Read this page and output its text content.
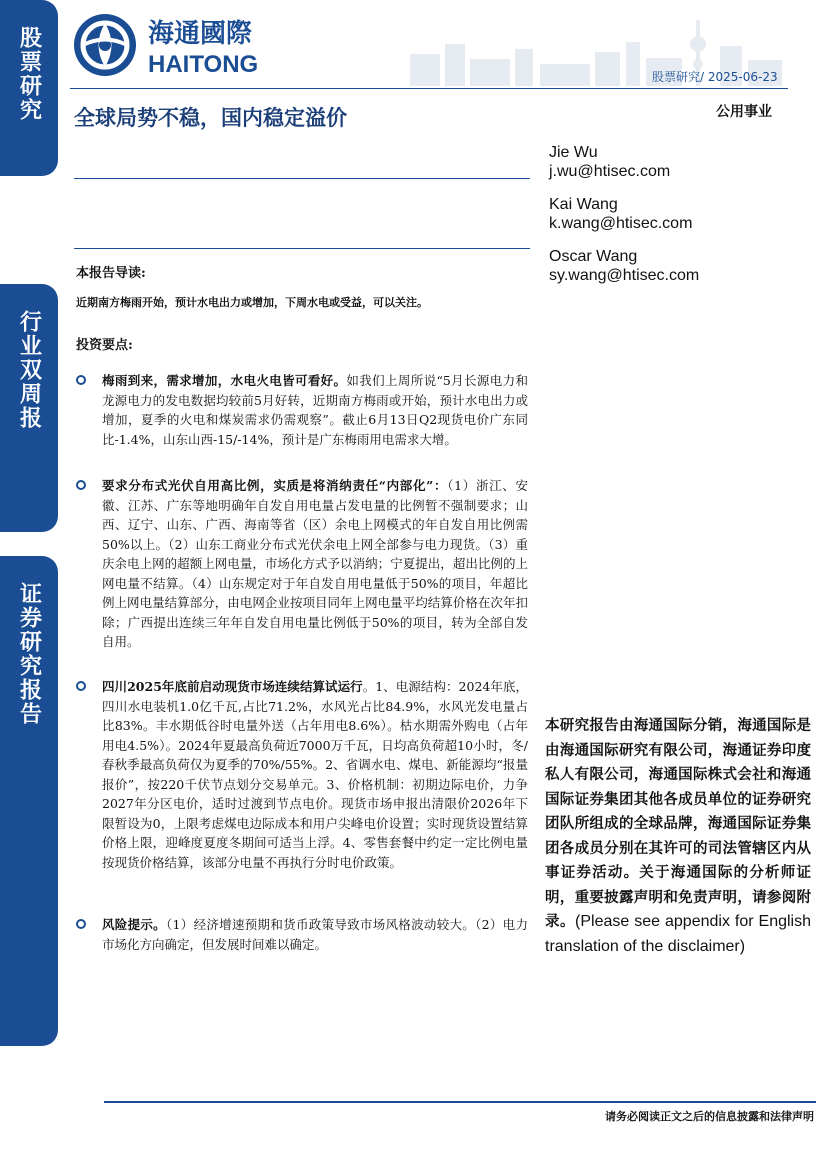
股票研究
行业双周报
证券研究报告
海通國際
HAITONG	股票研究/ 2025-06-23
全球局势不稳，国内稳定溢价	公用事业
Jie Wu
j.wu@htisec.com
Kai Wang
k.wang@htisec.com
Oscar Wang
sy.wang@htisec.com
本报告导读:
近期南方梅雨开始，预计水电出力或增加，下周水电或受益，可以关注。
投资要点:

梅雨到来，需求增加，水电火电皆可看好。如我们上周所说“5月长源电力和龙源电力的发电数据均较前5月好转，近期南方梅雨或开始，预计水电出力或增加，夏季的火电和煤炭需求仍需观察”。截止6月13日Q2现货电价广东同比-1.4%，山东山西-15/-14%，预计是广东梅雨用电需求大增。

要求分布式光伏自用高比例，实质是将消纳责任“内部化”：（1）浙江、安徽、江苏、广东等地明确年自发自用电量占发电量的比例暂不强制要求；山西、辽宁、山东、广西、海南等省（区）余电上网模式的年自发自用比例需50%以上。（2）山东工商业分布式光伏余电上网全部参与电力现货。（3）重庆余电上网的超额上网电量，市场化方式予以消纳；宁夏提出，超出比例的上网电量不结算。（4）山东规定对于年自发自用电量低于50%的项目，年超比例上网电量结算部分，由电网企业按项目同年上网电量平均结算价格在次年扣除；广西提出连续三年年自发自用电量比例低于50%的项目，转为全部自发自用。

四川2025年底前启动现货市场连续结算试运行。1、电源结构：2024年底，四川水电装机1.0亿千瓦,占比71.2%，水风光占比84.9%，水风光发电量占比83%。丰水期低谷时电量外送（占年用电8.6%）。枯水期需外购电（占年用电4.5%）。2024年夏最高负荷近7000万千瓦，日均高负荷超10小时，冬/春秋季最高负荷仅为夏季的70%/55%。2、省调水电、煤电、新能源均“报量报价”，按220千伏节点划分交易单元。3、价格机制：初期边际电价，力争2027年分区电价，适时过渡到节点电价。现货市场申报出清限价2026年下限暂设为0，上限考虑煤电边际成本和用户尖峰电价设置；实时现货设置结算价格上限，迎峰度夏度冬期间可适当上浮。4、零售套餐中约定一定比例电量按现货价格结算，该部分电量不再执行分时电价政策。

风险提示。（1）经济增速预期和货币政策导致市场风格波动较大。（2）电力市场化方向确定，但发展时间难以确定。

本研究报告由海通国际分销，海通国际是由海通国际研究有限公司，海通证券印度私人有限公司，海通国际株式会社和海通国际证券集团其他各成员单位的证券研究团队所组成的全球品牌，海通国际证券集团各成员分别在其许可的司法管辖区内从事证券活动。关于海通国际的分析师证明，重要披露声明和免责声明，请参阅附录。(Please see appendix for English translation of the disclaimer)
请务必阅读正文之后的信息披露和法律声明
